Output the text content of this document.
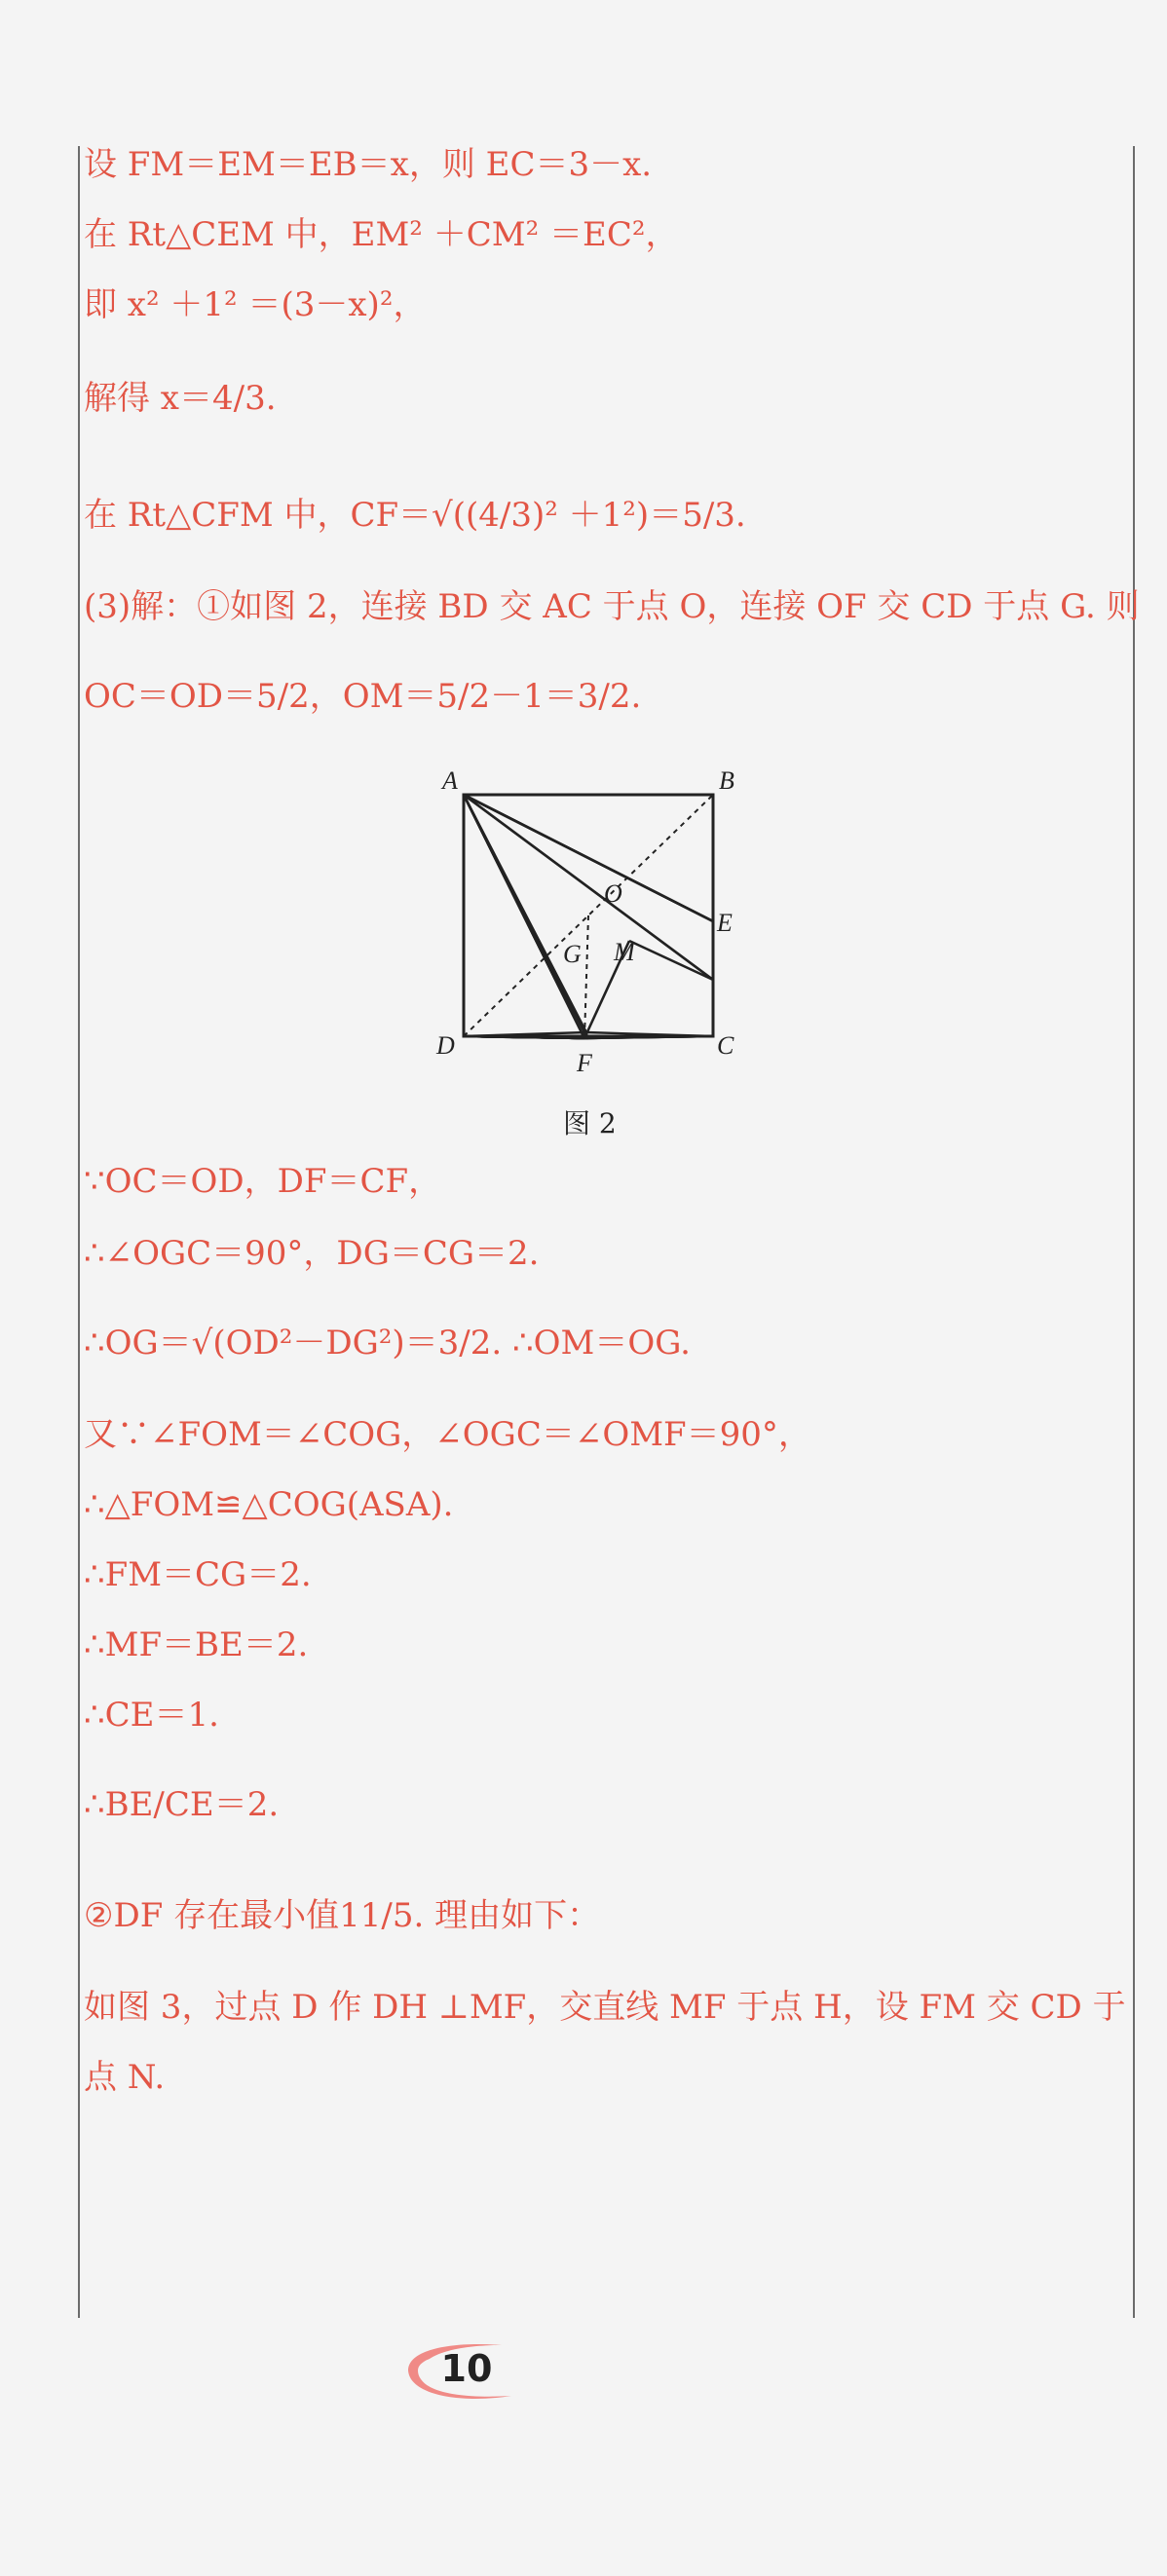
设 FM＝EM＝EB＝x，则 EC＝3－x.
在 Rt△CEM 中，EM² ＋CM² ＝EC²，
即 x² ＋1² ＝(3－x)²，
解得 x＝4/3.
在 Rt△CFM 中，CF＝√((4/3)² ＋1²)＝5/3.
(3)解：①如图 2，连接 BD 交 AC 于点 O，连接 OF 交 CD 于点 G. 则
OC＝OD＝5/2，OM＝5/2－1＝3/2.
A	B
O
E
G M
D	C
F
图 2
∵OC＝OD，DF＝CF，
∴∠OGC＝90°，DG＝CG＝2.
∴OG＝√(OD²－DG²)＝3/2. ∴OM＝OG.
又∵∠FOM＝∠COG，∠OGC＝∠OMF＝90°，
∴△FOM≌△COG(ASA).
∴FM＝CG＝2.
∴MF＝BE＝2.
∴CE＝1.
∴BE/CE＝2.
②DF 存在最小值11/5. 理由如下：
如图 3，过点 D 作 DH ⊥MF，交直线 MF 于点 H，设 FM 交 CD 于
点 N.
10
